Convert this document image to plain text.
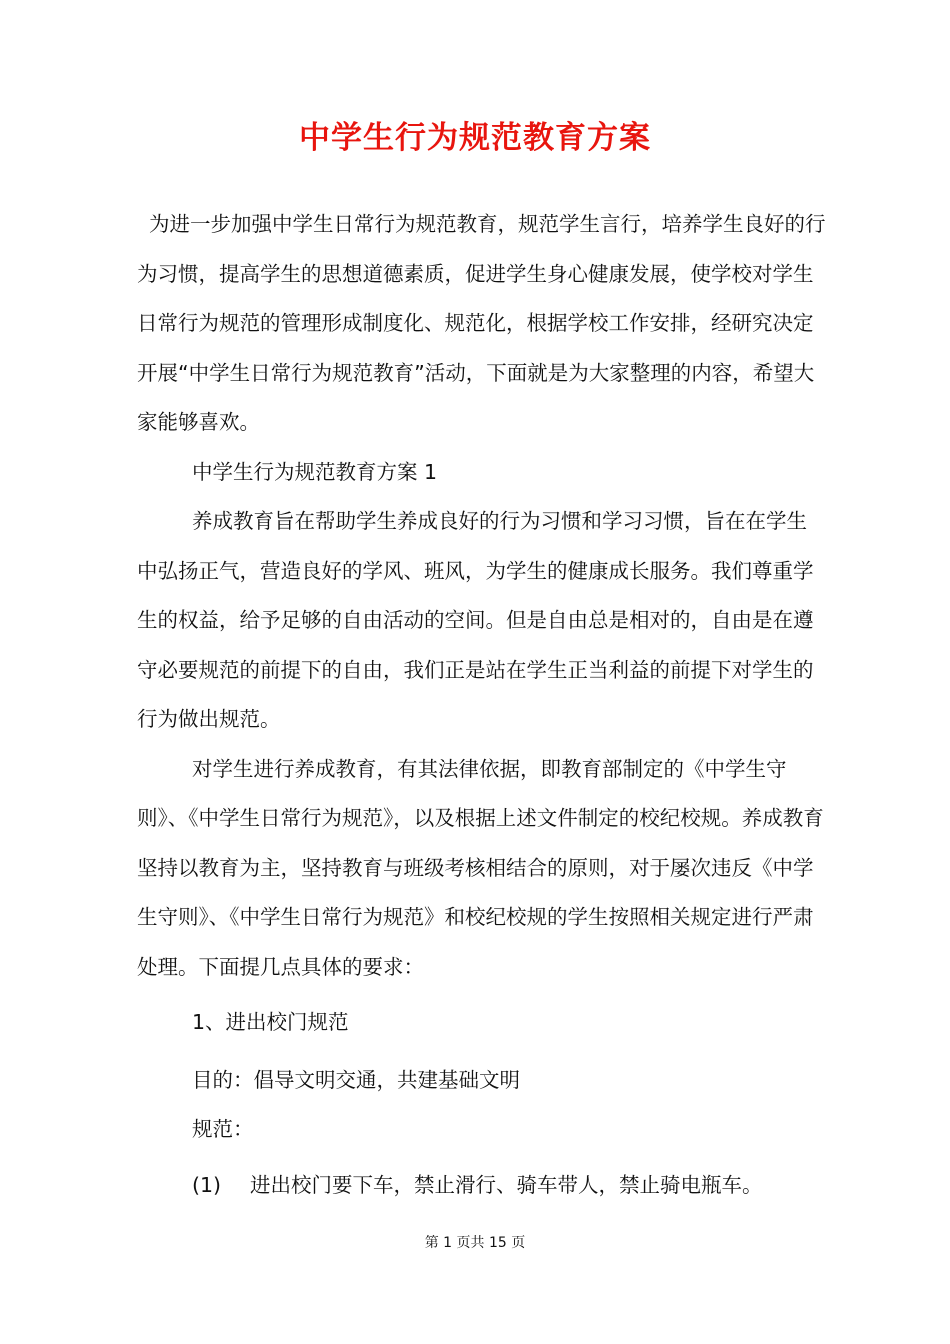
中学生行为规范教育方案

为进一步加强中学生日常行为规范教育，规范学生言行，培养学生良好的行为习惯，提高学生的思想道德素质，促进学生身心健康发展，使学校对学生日常行为规范的管理形成制度化、规范化，根据学校工作安排，经研究决定开展“中学生日常行为规范教育”活动，下面就是为大家整理的内容，希望大家能够喜欢。

中学生行为规范教育方案 1

养成教育旨在帮助学生养成良好的行为习惯和学习习惯，旨在在学生中弘扬正气，营造良好的学风、班风，为学生的健康成长服务。我们尊重学生的权益，给予足够的自由活动的空间。但是自由总是相对的，自由是在遵守必要规范的前提下的自由，我们正是站在学生正当利益的前提下对学生的行为做出规范。

对学生进行养成教育，有其法律依据，即教育部制定的《中学生守则》、《中学生日常行为规范》，以及根据上述文件制定的校纪校规。养成教育坚持以教育为主，坚持教育与班级考核相结合的原则，对于屡次违反《中学生守则》、《中学生日常行为规范》和校纪校规的学生按照相关规定进行严肃处理。下面提几点具体的要求：

1、进出校门规范

目的：倡导文明交通，共建基础文明

规范：

(1)	进出校门要下车，禁止滑行、骑车带人，禁止骑电瓶车。

第 1 页共 15 页
